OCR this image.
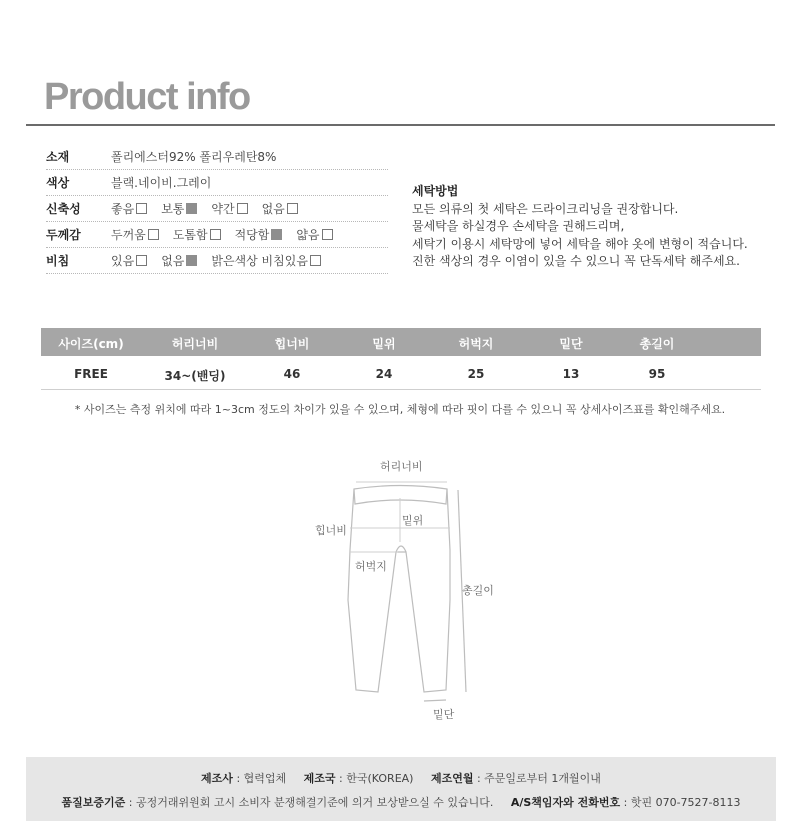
Product info
소재	폴리에스터92% 폴리우레탄8%
색상	블랙.네이비.그레이
신축성	좋음 보통 약간 없음
두께감	두꺼움 도톰함 적당함 얇음
비침	있음 없음 밝은색상 비침있음
세탁방법
모든 의류의 첫 세탁은 드라이크리닝을 권장합니다.
물세탁을 하실경우 손세탁을 권해드리며,
세탁기 이용시 세탁망에 넣어 세탁을 해야 옷에 변형이 적습니다.
진한 색상의 경우 이염이 있을 수 있으니 꼭 단독세탁 해주세요.
사이즈(cm)	허리너비	힙너비	밑위	허벅지	밑단	총길이
FREE	34~(밴딩)	46	24	25	13	95
* 사이즈는 측정 위치에 따라 1~3cm 정도의 차이가 있을 수 있으며, 체형에 따라 핏이 다를 수 있으니 꼭 상세사이즈표를 확인해주세요.
허리너비
힙너비
밑위
허벅지
총길이
밑단
제조사 : 협력업체 제조국 : 한국(KOREA) 제조연월 : 주문일로부터 1개월이내
품질보증기준 : 공정거래위원회 고시 소비자 분쟁해결기준에 의거 보상받으실 수 있습니다. A/S책임자와 전화번호 : 핫핀 070-7527-8113
